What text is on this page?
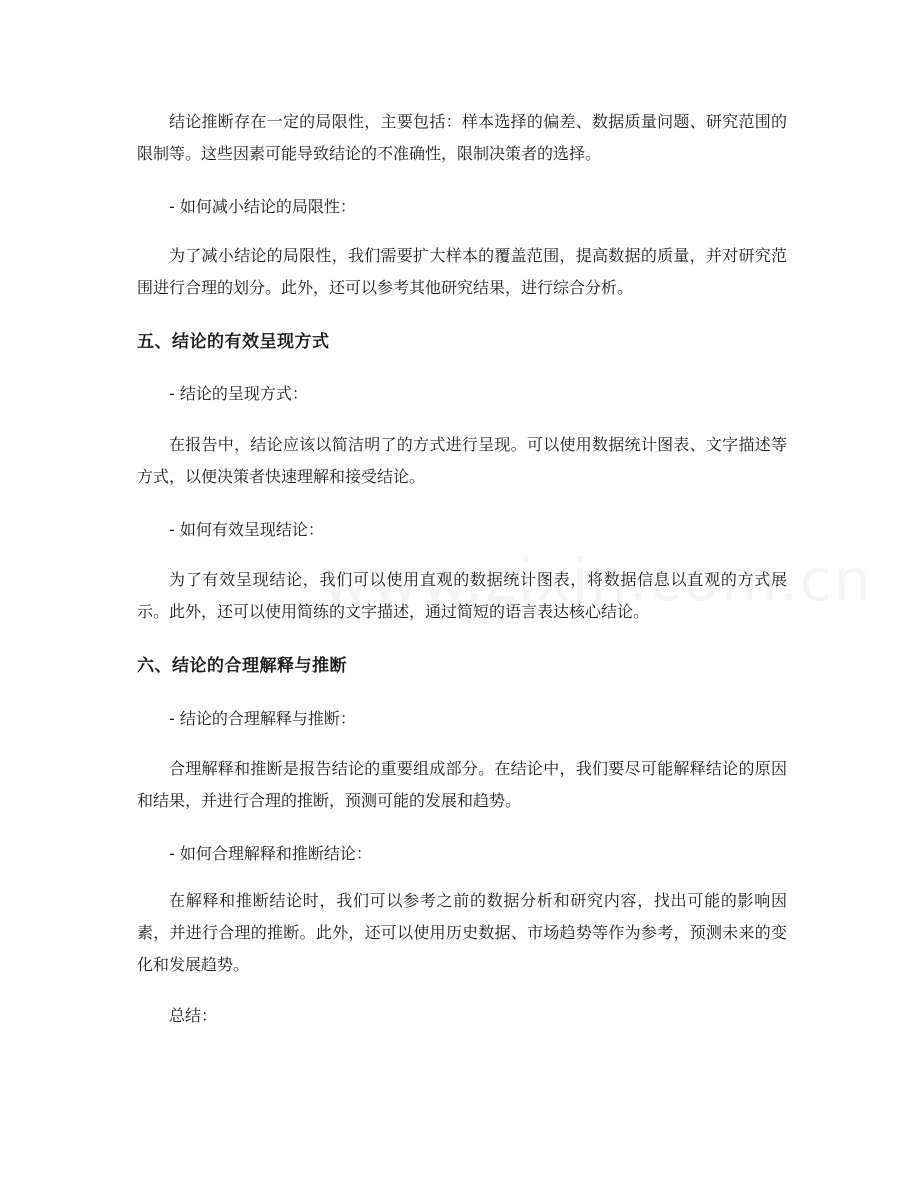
结论推断存在一定的局限性，主要包括：样本选择的偏差、数据质量问题、研究范围的限制等。这些因素可能导致结论的不准确性，限制决策者的选择。

- 如何减小结论的局限性：

为了减小结论的局限性，我们需要扩大样本的覆盖范围，提高数据的质量，并对研究范围进行合理的划分。此外，还可以参考其他研究结果，进行综合分析。

五、结论的有效呈现方式

- 结论的呈现方式：

在报告中，结论应该以简洁明了的方式进行呈现。可以使用数据统计图表、文字描述等方式，以便决策者快速理解和接受结论。

- 如何有效呈现结论：

为了有效呈现结论，我们可以使用直观的数据统计图表，将数据信息以直观的方式展示。此外，还可以使用简练的文字描述，通过简短的语言表达核心结论。

六、结论的合理解释与推断

- 结论的合理解释与推断：

合理解释和推断是报告结论的重要组成部分。在结论中，我们要尽可能解释结论的原因和结果，并进行合理的推断，预测可能的发展和趋势。

- 如何合理解释和推断结论：

在解释和推断结论时，我们可以参考之前的数据分析和研究内容，找出可能的影响因素，并进行合理的推断。此外，还可以使用历史数据、市场趋势等作为参考，预测未来的变化和发展趋势。

总结：
